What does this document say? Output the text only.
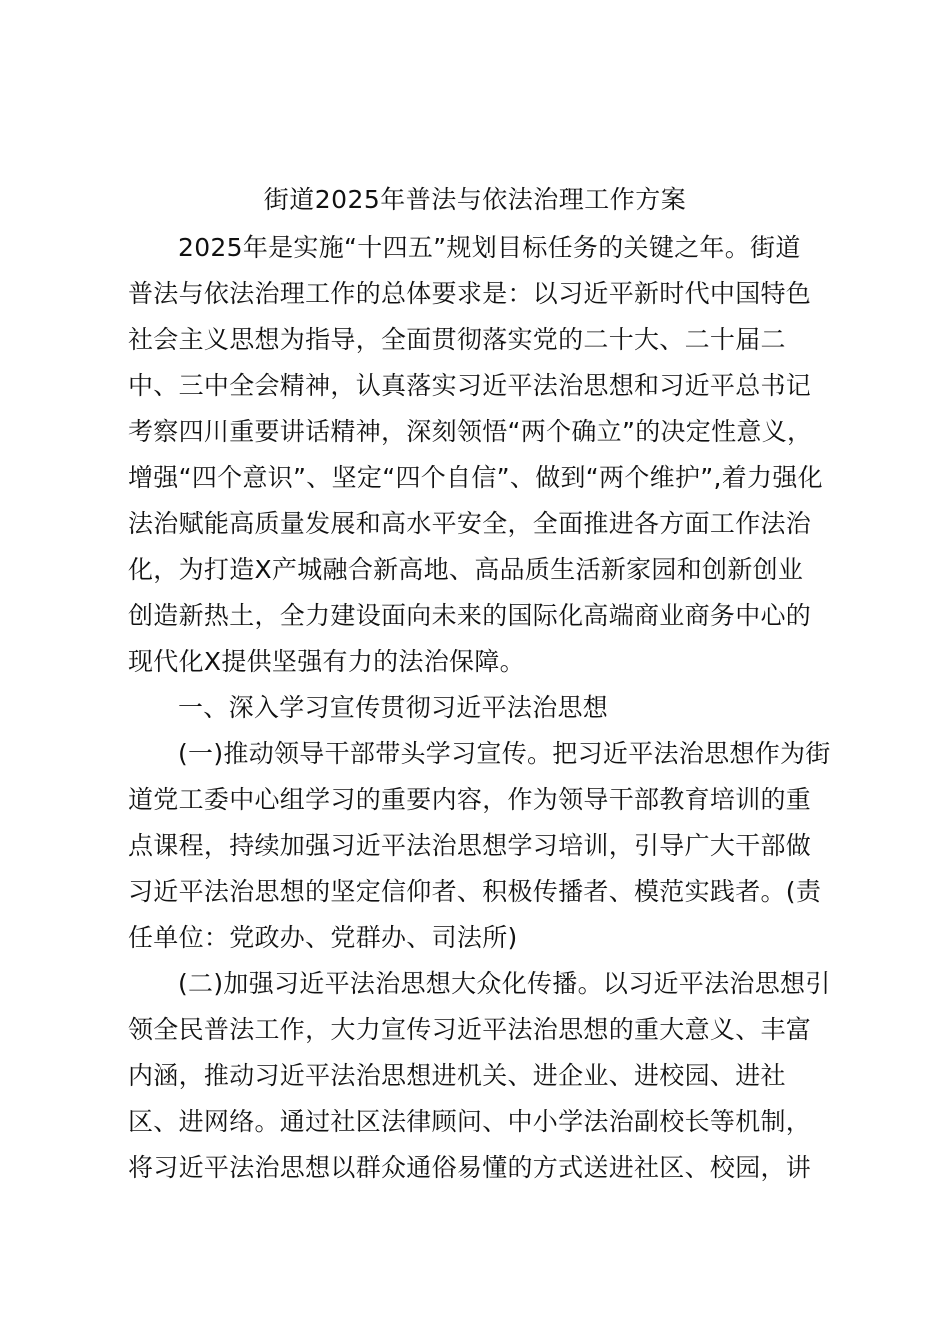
街道2025年普法与依法治理工作方案
2025年是实施“十四五”规划目标任务的关键之年。街道
普法与依法治理工作的总体要求是：以习近平新时代中国特色
社会主义思想为指导，全面贯彻落实党的二十大、二十届二
中、三中全会精神，认真落实习近平法治思想和习近平总书记
考察四川重要讲话精神，深刻领悟“两个确立”的决定性意义，
增强“四个意识”、坚定“四个自信”、做到“两个维护”,着力强化
法治赋能高质量发展和高水平安全，全面推进各方面工作法治
化，为打造X产城融合新高地、高品质生活新家园和创新创业
创造新热土，全力建设面向未来的国际化高端商业商务中心的
现代化X提供坚强有力的法治保障。
一、深入学习宣传贯彻习近平法治思想
(一)推动领导干部带头学习宣传。把习近平法治思想作为街
道党工委中心组学习的重要内容，作为领导干部教育培训的重
点课程，持续加强习近平法治思想学习培训，引导广大干部做
习近平法治思想的坚定信仰者、积极传播者、模范实践者。(责
任单位：党政办、党群办、司法所)
(二)加强习近平法治思想大众化传播。以习近平法治思想引
领全民普法工作，大力宣传习近平法治思想的重大意义、丰富
内涵，推动习近平法治思想进机关、进企业、进校园、进社
区、进网络。通过社区法律顾问、中小学法治副校长等机制，
将习近平法治思想以群众通俗易懂的方式送进社区、校园，讲
